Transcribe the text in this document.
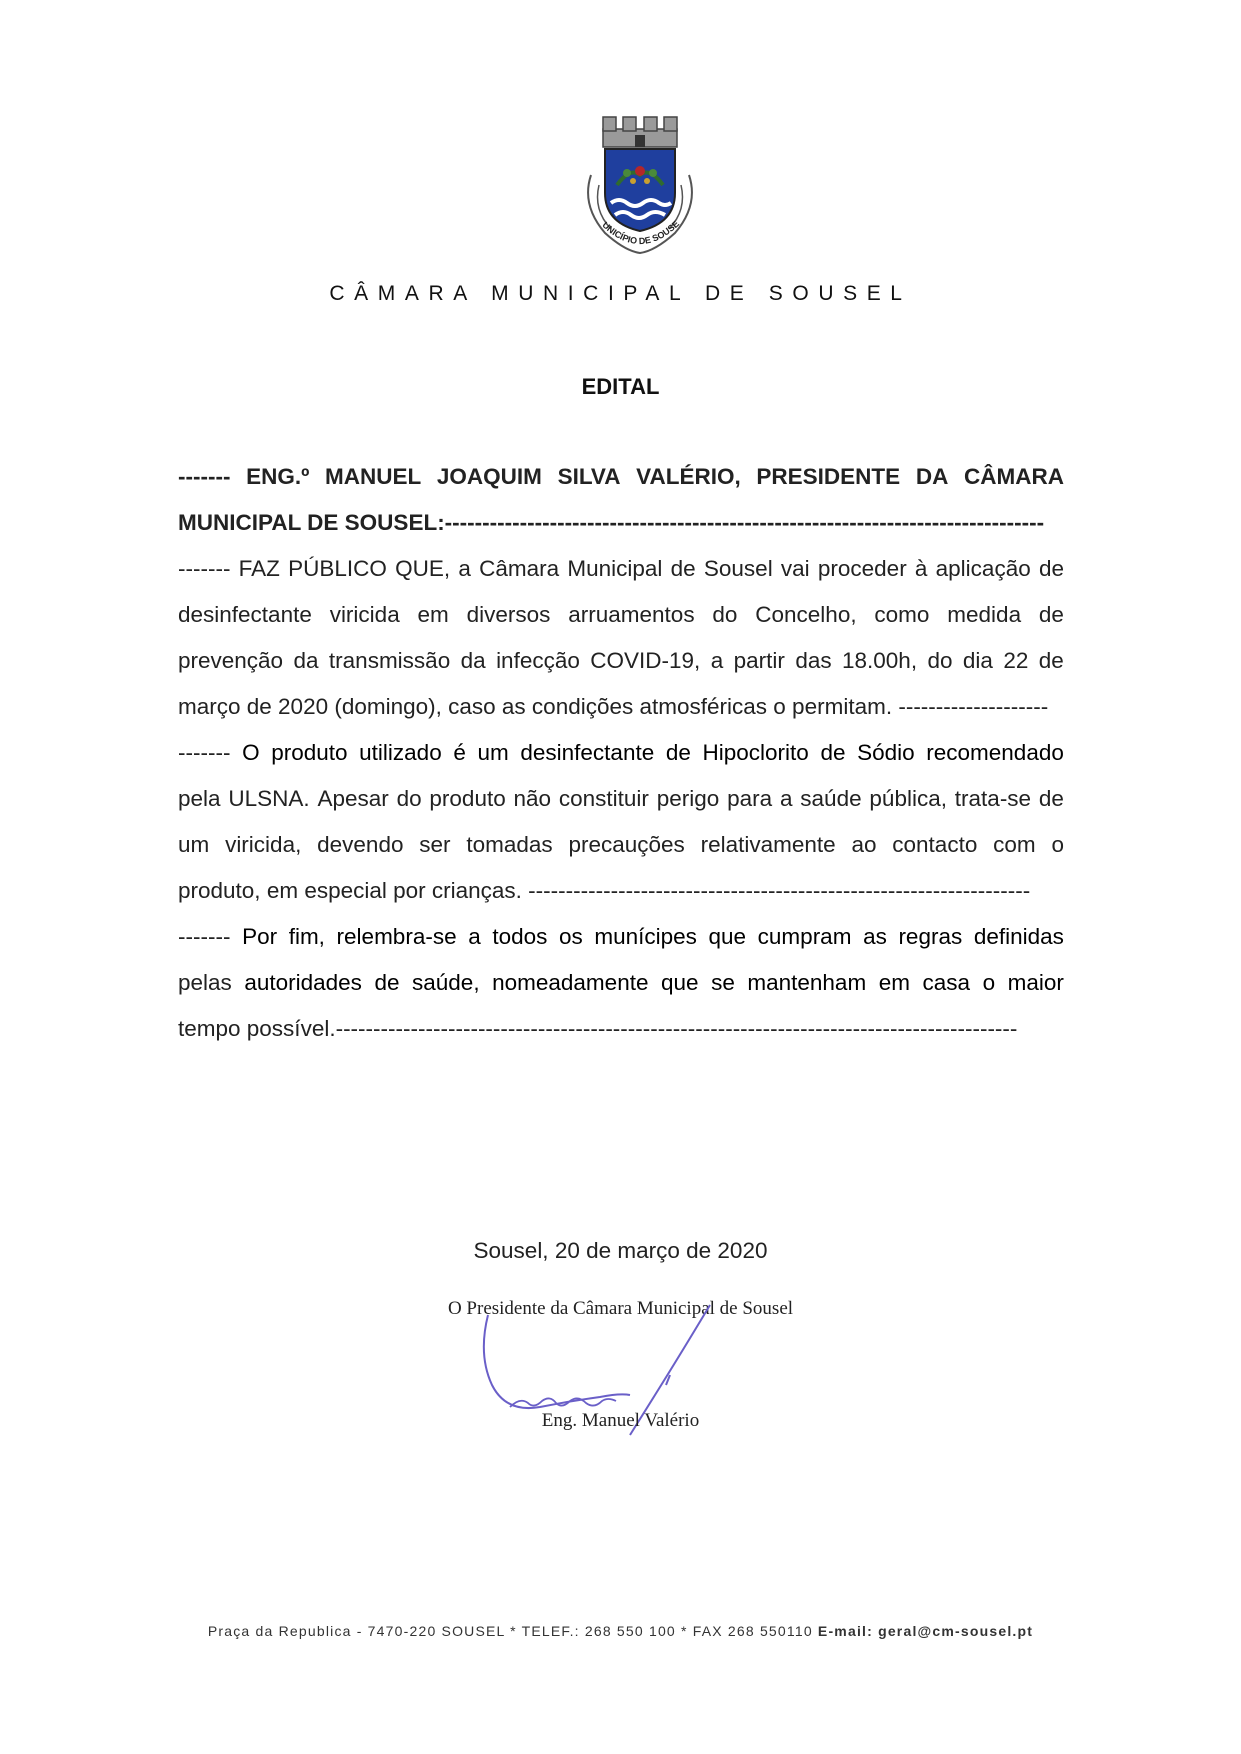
UNICÍPIO DE SOUSE
CÂMARA MUNICIPAL DE SOUSEL
EDITAL
------- ENG.º MANUEL JOAQUIM SILVA VALÉRIO, PRESIDENTE DA CÂMARA
MUNICIPAL DE SOUSEL:--------------------------------------------------------------------------------
------- FAZ PÚBLICO QUE, a Câmara Municipal de Sousel vai proceder à aplicação de
desinfectante viricida em diversos arruamentos do Concelho, como medida de
prevenção da transmissão da infecção COVID-19, a partir das 18.00h, do dia 22 de
março de 2020 (domingo), caso as condições atmosféricas o permitam. --------------------
------- O produto utilizado é um desinfectante de Hipoclorito de Sódio recomendado
pela ULSNA. Apesar do produto não constituir perigo para a saúde pública, trata-se de
um viricida, devendo ser tomadas precauções relativamente ao contacto com o
produto, em especial por crianças. -------------------------------------------------------------------
------- Por fim, relembra-se a todos os munícipes que cumpram as regras definidas
pelas autoridades de saúde, nomeadamente que se mantenham em casa o maior
tempo possível.-------------------------------------------------------------------------------------------
Sousel, 20 de março de 2020
O Presidente da Câmara Municipal de Sousel
Eng. Manuel Valério
Praça da Republica - 7470-220 SOUSEL * TELEF.: 268 550 100 * FAX 268 550110 E-mail: geral@cm-sousel.pt
